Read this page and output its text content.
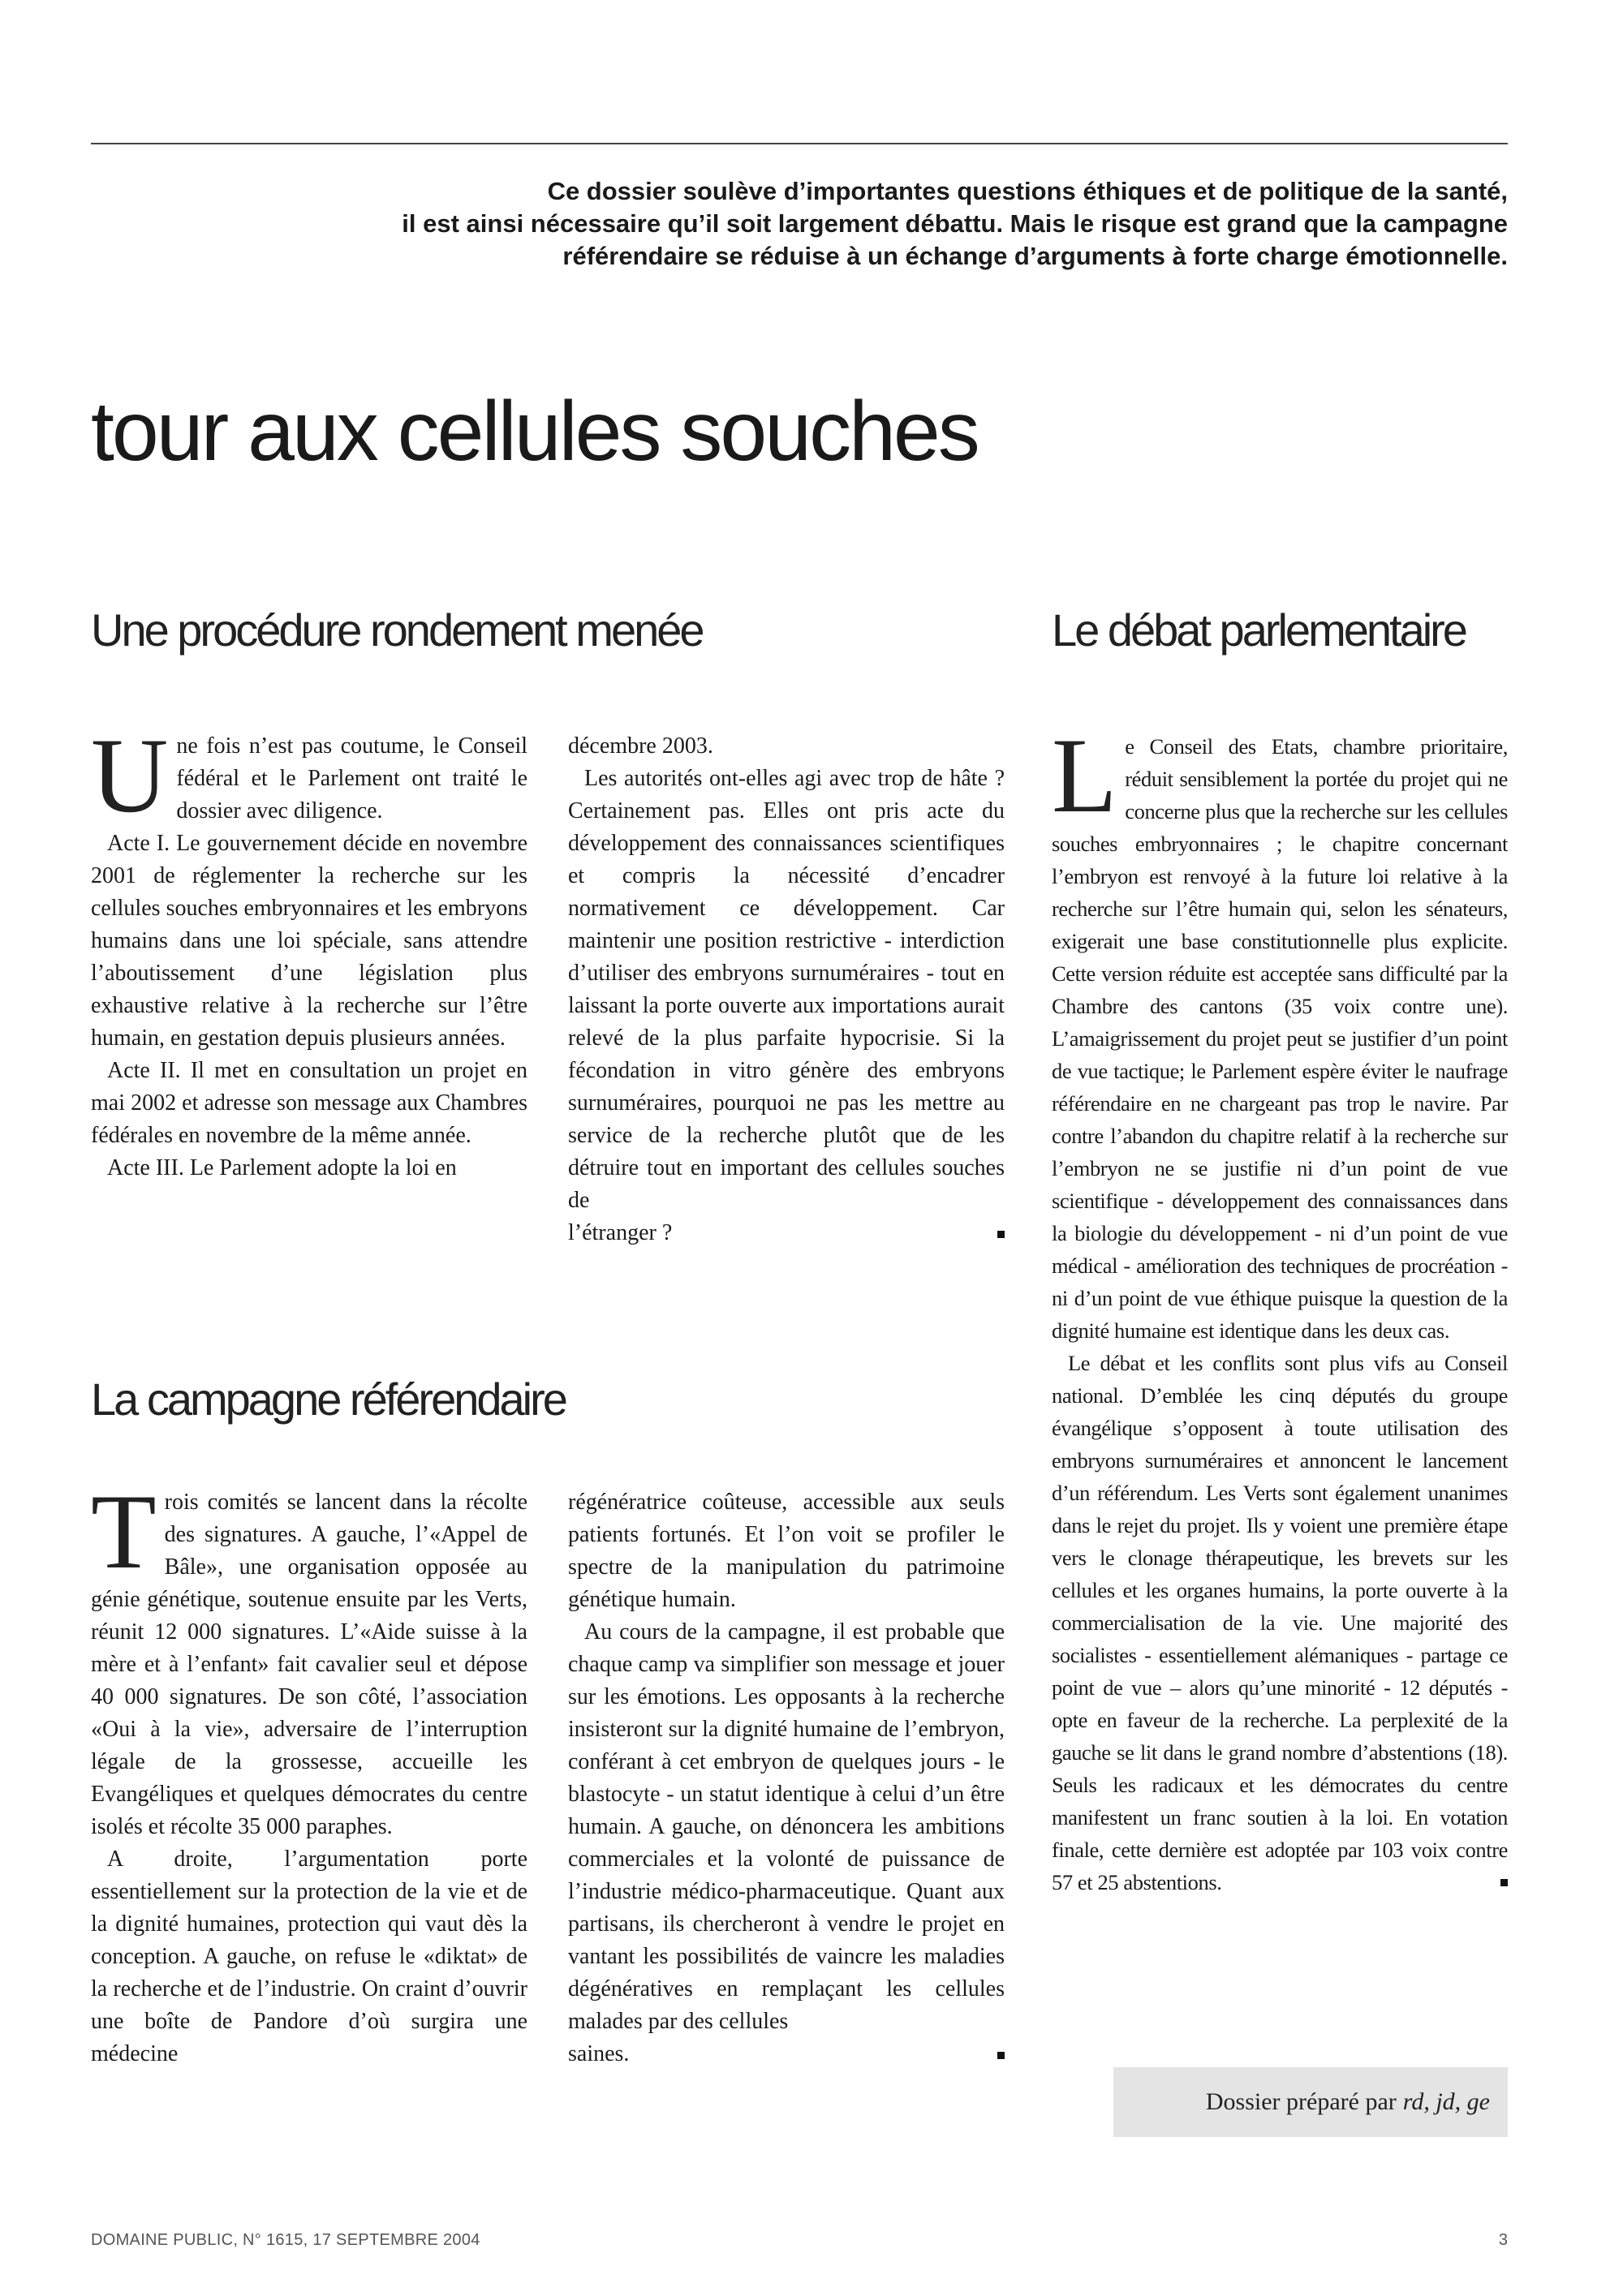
Ce dossier soulève d’importantes questions éthiques et de politique de la santé,
il est ainsi nécessaire qu’il soit largement débattu. Mais le risque est grand que la campagne
référendaire se réduise à un échange d’arguments à forte charge émotionnelle.
tour aux cellules souches
Une procédure rondement menée

Une fois n’est pas coutume, le Conseil fédéral et le Parlement ont traité le dossier avec diligence.

Acte I. Le gouvernement décide en novembre 2001 de réglementer la recherche sur les cellules souches embryonnaires et les embryons humains dans une loi spéciale, sans attendre l’aboutissement d’une législation plus exhaustive relative à la recherche sur l’être humain, en gestation depuis plusieurs années.

Acte II. Il met en consultation un projet en mai 2002 et adresse son message aux Chambres fédérales en novembre de la même année.

Acte III. Le Parlement adopte la loi en

décembre 2003.

Les autorités ont-elles agi avec trop de hâte ? Certainement pas. Elles ont pris acte du développement des connaissances scientifiques et compris la nécessité d’encadrer normativement ce développement. Car maintenir une position restrictive - interdiction d’utiliser des embryons surnuméraires - tout en laissant la porte ouverte aux importations aurait relevé de la plus parfaite hypocrisie. Si la fécondation in vitro génère des embryons surnuméraires, pourquoi ne pas les mettre au service de la recherche plutôt que de les détruire tout en important des cellules souches de

l’étranger ?

La campagne référendaire

Trois comités se lancent dans la récolte des signatures. A gauche, l’«Appel de Bâle», une organisation opposée au génie génétique, soutenue ensuite par les Verts, réunit 12 000 signatures. L’«Aide suisse à la mère et à l’enfant» fait cavalier seul et dépose 40 000 signatures. De son côté, l’association «Oui à la vie», adversaire de l’interruption légale de la grossesse, accueille les Evangéliques et quelques démocrates du centre isolés et récolte 35 000 paraphes.

A droite, l’argumentation porte essentiellement sur la protection de la vie et de la dignité humaines, protection qui vaut dès la conception. A gauche, on refuse le «diktat» de la recherche et de l’industrie. On craint d’ouvrir une boîte de Pandore d’où surgira une médecine

régénératrice coûteuse, accessible aux seuls patients fortunés. Et l’on voit se profiler le spectre de la manipulation du patrimoine génétique humain.

Au cours de la campagne, il est probable que chaque camp va simplifier son message et jouer sur les émotions. Les opposants à la recherche insisteront sur la dignité humaine de l’embryon, conférant à cet embryon de quelques jours - le blastocyte - un statut identique à celui d’un être humain. A gauche, on dénoncera les ambitions commerciales et la volonté de puissance de l’industrie médico-pharmaceutique. Quant aux partisans, ils chercheront à vendre le projet en vantant les possibilités de vaincre les maladies dégénératives en remplaçant les cellules malades par des cellules

saines.

Le débat parlementaire

Le Conseil des Etats, chambre prioritaire, réduit sensiblement la portée du projet qui ne concerne plus que la recherche sur les cellules souches embryonnaires ; le chapitre concernant l’embryon est renvoyé à la future loi relative à la recherche sur l’être humain qui, selon les sénateurs, exigerait une base constitutionnelle plus explicite. Cette version réduite est acceptée sans difficulté par la Chambre des cantons (35 voix contre une). L’amaigrissement du projet peut se justifier d’un point de vue tactique; le Parlement espère éviter le naufrage référendaire en ne chargeant pas trop le navire. Par contre l’abandon du chapitre relatif à la recherche sur l’embryon ne se justifie ni d’un point de vue scientifique - développement des connaissances dans la biologie du développement - ni d’un point de vue médical - amélioration des techniques de procréation - ni d’un point de vue éthique puisque la question de la dignité humaine est identique dans les deux cas.

Le débat et les conflits sont plus vifs au Conseil national. D’emblée les cinq députés du groupe évangélique s’opposent à toute utilisation des embryons surnuméraires et annoncent le lancement d’un référendum. Les Verts sont également unanimes dans le rejet du projet. Ils y voient une première étape vers le clonage thérapeutique, les brevets sur les cellules et les organes humains, la porte ouverte à la commercialisation de la vie. Une majorité des socialistes - essentiellement alémaniques - partage ce point de vue – alors qu’une minorité - 12 députés - opte en faveur de la recherche. La perplexité de la gauche se lit dans le grand nombre d’abstentions (18). Seuls les radicaux et les démocrates du centre manifestent un franc soutien à la loi. En votation finale, cette dernière est adoptée par 103 voix contre 57 et 25 abstentions.

Dossier préparé par rd, jd, ge
DOMAINE PUBLIC, N° 1615, 17 SEPTEMBRE 2004	3
